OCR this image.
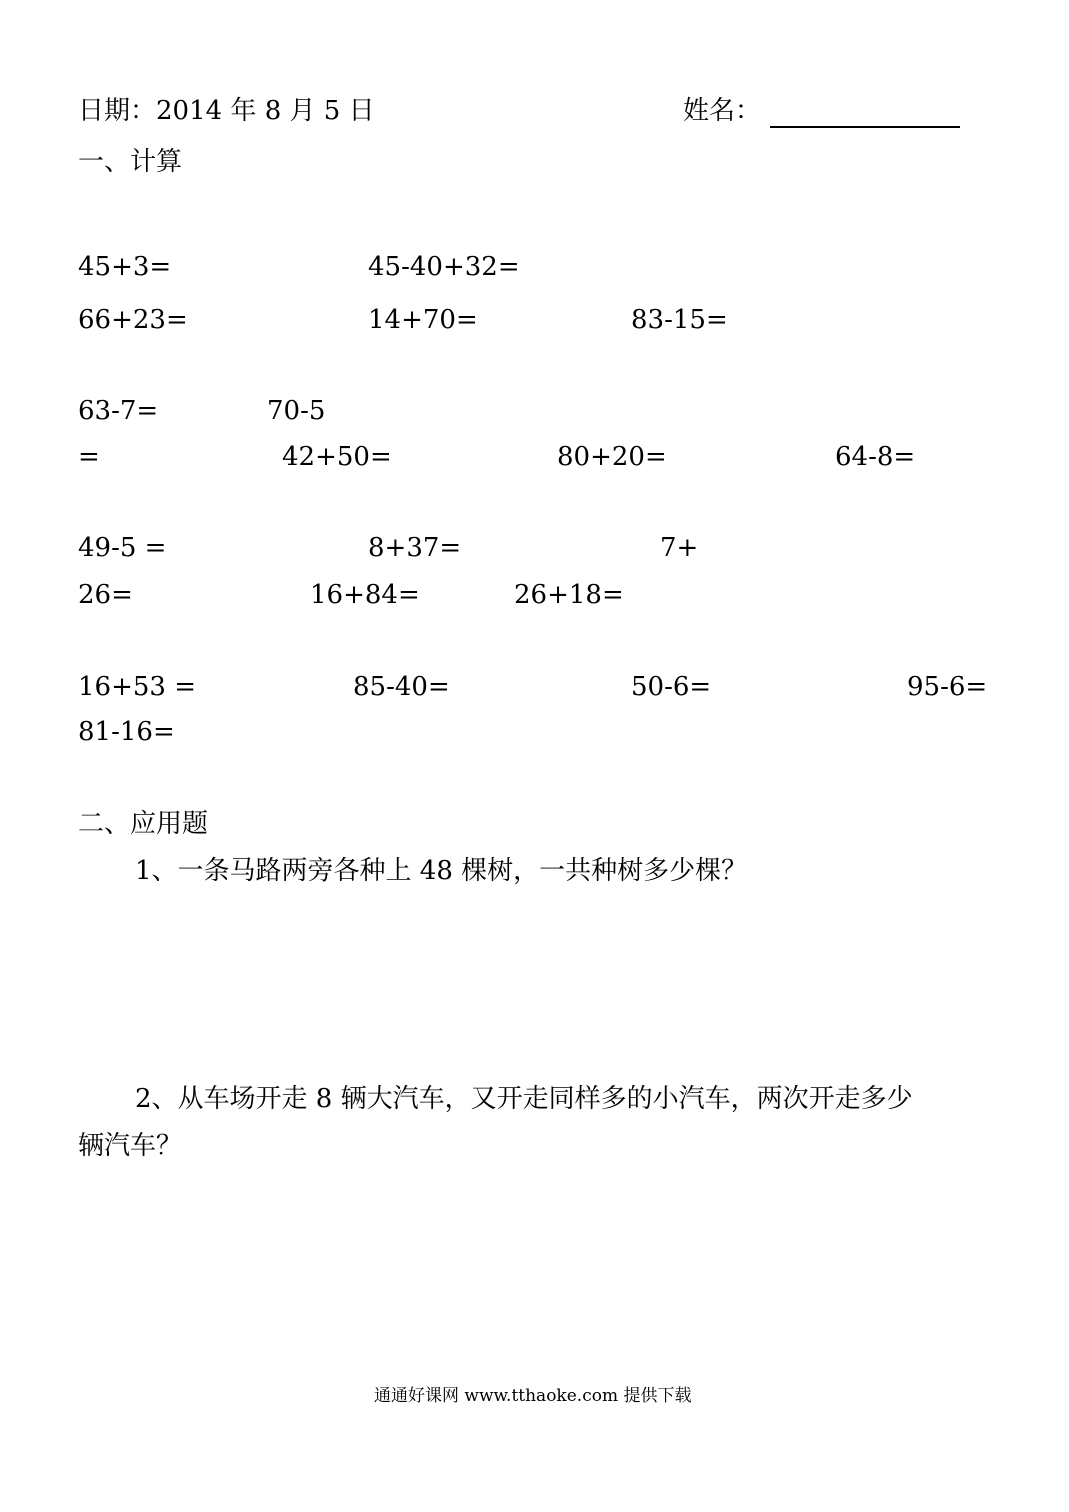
日期：2014 年 8 月 5 日	姓名：
一、计算
45+3=	45-40+32=
66+23=	14+70=	83-15=
63-7=	70-5
=	42+50=	80+20=	64-8=
49-5 =	8+37=	7+
26=	16+84=	26+18=
16+53 =	85-40=	50-6=	95-6=
81-16=
二、应用题
1、一条马路两旁各种上 48 棵树，一共种树多少棵？
2、从车场开走 8 辆大汽车，又开走同样多的小汽车，两次开走多少
辆汽车？
通通好课网 www.tthaoke.com 提供下载
